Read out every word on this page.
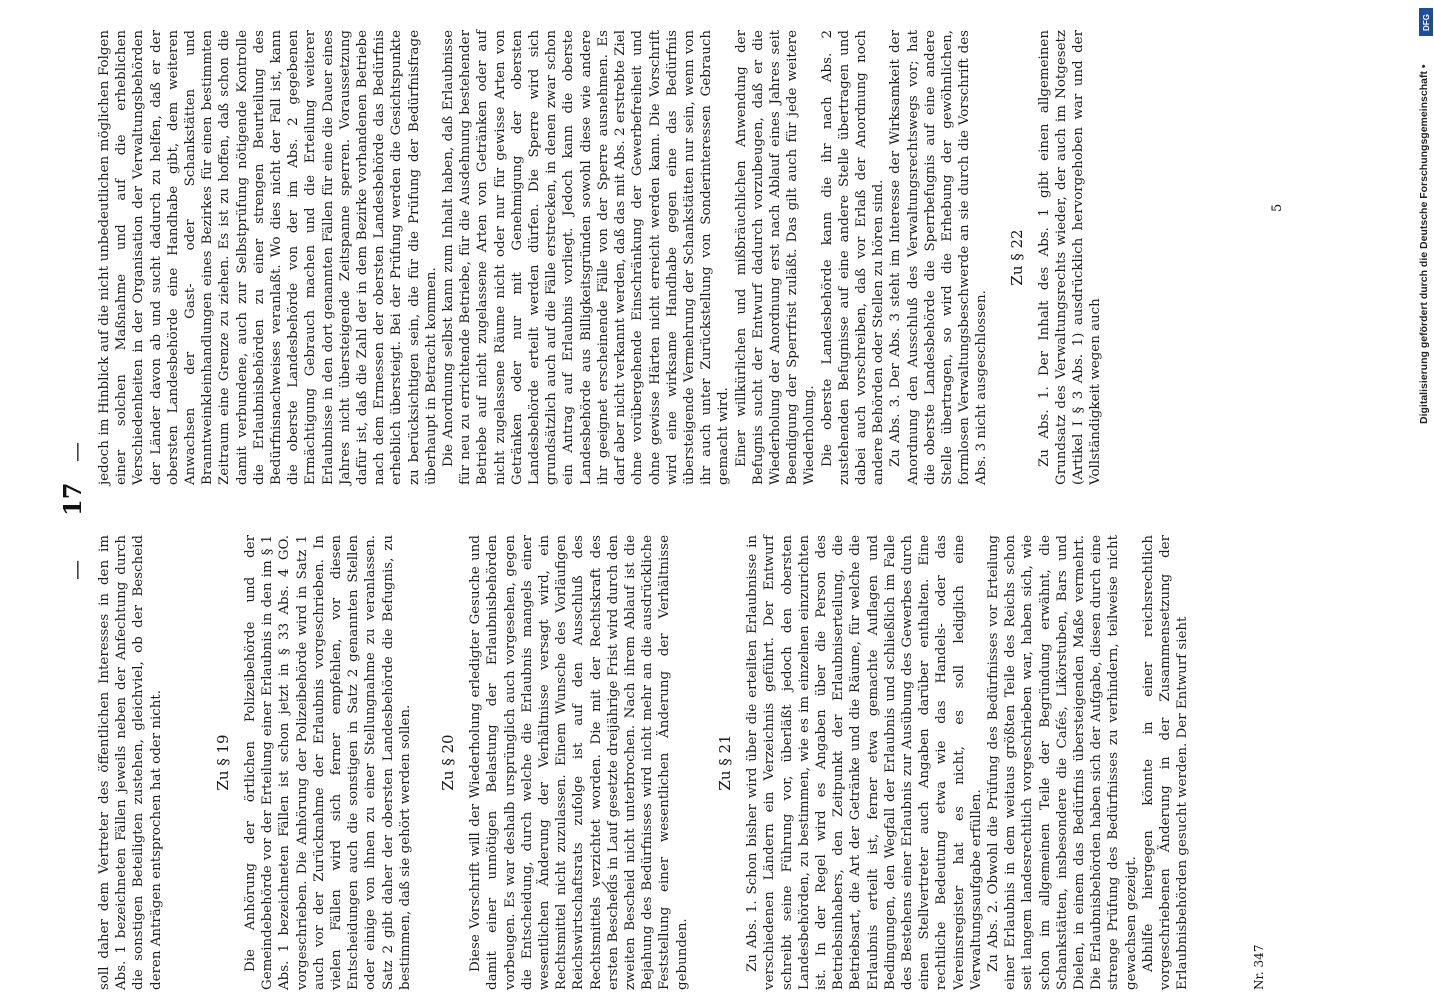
—
17
—

soll daher dem Vertreter des öffentlichen Interesses in den im Abs. 1 bezeichneten Fällen jeweils neben der Anfechtung durch die sonstigen Beteiligten zustehen, gleichviel, ob der Bescheid deren Anträgen entsprochen hat oder nicht.	Zu § 19 Die Anhörung der örtlichen Polizeibehörde und der Gemeindebehörde vor der Erteilung einer Erlaubnis in den im § 1 Abs. 1 bezeichneten Fällen ist schon jetzt in § 33 Abs. 4 GO. vorgeschrieben. Die Anhörung der Polizeibehörde wird in Satz 1 auch vor der Zurücknahme der Erlaubnis vorgeschrieben. In vielen Fällen wird sich ferner empfehlen, vor diesen Entscheidungen auch die sonstigen in Satz 2 genannten Stellen oder einige von ihnen zu einer Stellungnahme zu veranlassen. Satz 2 gibt daher der obersten Landesbehörde die Befugnis, zu bestimmen, daß sie gehört werden sollen. Zu § 20 Diese Vorschrift will der Wiederholung erledigter Gesuche und damit einer unnötigen Belastung der Erlaubnisbehörden vorbeugen. Es war deshalb ursprünglich auch vorgesehen, gegen die Entscheidung, durch welche die Erlaubnis mangels einer wesentlichen Änderung der Verhältnisse versagt wird, ein Rechtsmittel nicht zuzulassen. Einem Wunsche des Vorläufigen Reichswirtschaftsrats zufolge ist auf den Ausschluß des Rechtsmittels verzichtet worden. Die mit der Rechtskraft des ersten Bescheids in Lauf gesetzte dreijährige Frist wird durch den zweiten Bescheid nicht unterbrochen. Nach ihrem Ablauf ist die Bejahung des Bedürfnisses wird nicht mehr an die ausdrückliche Feststellung einer wesentlichen Änderung der Verhältnisse gebunden.

Zu § 21 Zu Abs. 1. Schon bisher wird über die erteilten Erlaubnisse in verschiedenen Ländern ein Verzeichnis geführt. Der Entwurf schreibt seine Führung vor, überläßt jedoch den obersten Landesbehörden, zu bestimmen, wie es im einzelnen einzurichten ist. In der Regel wird es Angaben über die Person des Betriebsinhabers, den Zeitpunkt der Erlaubniserteilung, die Betriebsart, die Art der Getränke und die Räume, für welche die Erlaubnis erteilt ist, ferner etwa gemachte Auflagen und Bedingungen, den Wegfall der Erlaubnis und schließlich im Falle des Bestehens einer Erlaubnis zur Ausübung des Gewerbes durch einen Stellvertreter auch Angaben darüber enthalten. Eine rechtliche Bedeutung etwa wie das Handels- oder das Vereinsregister hat es nicht, es soll lediglich eine Verwaltungsaufgabe erfüllen. Zu Abs. 2. Obwohl die Prüfung des Bedürfnisses vor Erteilung einer Erlaubnis in dem weitaus größten Teile des Reichs schon seit langem landesrechtlich vorgeschrieben war, haben sich, wie schon im allgemeinen Teile der Begründung erwähnt, die Schankstätten, insbesondere die Cafés, Likörstuben, Bars und Dielen, in einem das Bedürfnis übersteigenden Maße vermehrt. Die Erlaubnisbehörden haben sich der Aufgabe, diesen durch eine strenge Prüfung des Bedürfnisses zu verhindern, teilweise nicht gewachsen gezeigt. Abhilfe hiergegen könnte in einer reichsrechtlich vorgeschriebenen Änderung in der Zusammensetzung der Erlaubnisbehörden gesucht werden. Der Entwurf sieht

jedoch im Hinblick auf die nicht unbedeutlichen möglichen Folgen einer solchen Maßnahme und auf die erheblichen Verschiedenheiten in der Organisation der Verwaltungsbehörden der Länder davon ab und sucht dadurch zu helfen, daß er der obersten Landesbehörde eine Handhabe gibt, dem weiteren Anwachsen der Gast- oder Schankstätten und Branntweinkleinhandlungen eines Bezirkes für einen bestimmten Zeitraum eine Grenze zu ziehen. Es ist zu hoffen, daß schon die damit verbundene, auch zur Selbstprüfung nötigende Kontrolle die Erlaubnisbehörden zu einer strengen Beurteilung des Bedürfnisnachweises veranlaßt. Wo dies nicht der Fall ist, kann die oberste Landesbehörde von der im Abs. 2 gegebenen Ermächtigung Gebrauch machen und die Erteilung weiterer Erlaubnisse in den dort genannten Fällen für eine die Dauer eines Jahres nicht übersteigende Zeitspanne sperren. Voraussetzung dafür ist, daß die Zahl der in dem Bezirke vorhandenen Betriebe nach dem Ermessen der obersten Landesbehörde das Bedürfnis erheblich übersteigt. Bei der Prüfung werden die Gesichtspunkte zu berücksichtigen sein, die für die Prüfung der Bedürfnisfrage überhaupt in Betracht kommen. Die Anordnung selbst kann zum Inhalt haben, daß Erlaubnisse für neu zu errichtende Betriebe, für die Ausdehnung bestehender Betriebe auf nicht zugelassene Arten von Getränken oder auf nicht zugelassene Räume nicht oder nur für gewisse Arten von Getränken oder nur mit Genehmigung der obersten Landesbehörde erteilt werden dürfen. Die Sperre wird sich grundsätzlich auch auf die Fälle erstrecken, in denen zwar schon ein Antrag auf Erlaubnis vorliegt. Jedoch kann die oberste Landesbehörde aus Billigkeitsgründen sowohl diese wie andere ihr geeignet erscheinende Fälle von der Sperre ausnehmen. Es darf aber nicht verkannt werden, daß das mit Abs. 2 erstrebte Ziel ohne vorübergehende Einschränkung der Gewerbefreiheit und ohne gewisse Härten nicht erreicht werden kann. Die Vorschrift wird eine wirksame Handhabe gegen eine das Bedürfnis übersteigende Vermehrung der Schankstätten nur sein, wenn von ihr auch unter Zurückstellung von Sonderinteressen Gebrauch gemacht wird. Einer willkürlichen und mißbräuchlichen Anwendung der Befugnis sucht der Entwurf dadurch vorzubeugen, daß er die Wiederholung der Anordnung erst nach Ablauf eines Jahres seit Beendigung der Sperrfrist zuläßt. Das gilt auch für jede weitere Wiederholung. Die oberste Landesbehörde kann die ihr nach Abs. 2 zustehenden Befugnisse auf eine andere Stelle übertragen und dabei auch vorschreiben, daß vor Erlaß der Anordnung noch andere Behörden oder Stellen zu hören sind. Zu Abs. 3. Der Abs. 3 steht im Interesse der Wirksamkeit der Anordnung den Ausschluß des Verwaltungsrechtswegs vor; hat die oberste Landesbehörde die Sperrbefugnis auf eine andere Stelle übertragen, so wird die Erhebung der gewöhnlichen, formlosen Verwaltungsbeschwerde an sie durch die Vorschrift des Abs. 3 nicht ausgeschlossen.

Zu § 22 Zu Abs. 1. Der Inhalt des Abs. 1 gibt einen allgemeinen Grundsatz des Verwaltungsrechts wieder, der auch im Notgesetz (Artikel I § 3 Abs. 1) ausdrücklich hervorgehoben war und der Vollständigkeit wegen auch

Nr. 347
5
DFG
Digitalisierung gefördert durch die Deutsche Forschungsgemeinschaft •
